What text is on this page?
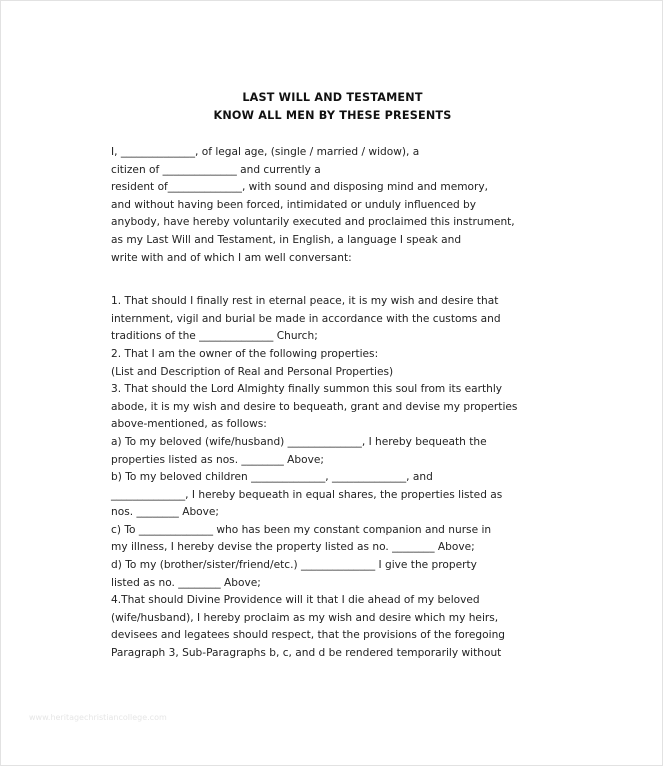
LAST WILL AND TESTAMENT
KNOW ALL MEN BY THESE PRESENTS
I, ______________, of legal age, (single / married / widow), a
citizen of ______________ and currently a
resident of______________, with sound and disposing mind and memory,
and without having been forced, intimidated or unduly influenced by
anybody, have hereby voluntarily executed and proclaimed this instrument,
as my Last Will and Testament, in English, a language I speak and
write with and of which I am well conversant:
1. That should I finally rest in eternal peace, it is my wish and desire that
internment, vigil and burial be made in accordance with the customs and
traditions of the ______________ Church;
2. That I am the owner of the following properties:
(List and Description of Real and Personal Properties)
3. That should the Lord Almighty finally summon this soul from its earthly
abode, it is my wish and desire to bequeath, grant and devise my properties
above-mentioned, as follows:
a) To my beloved (wife/husband) ______________, I hereby bequeath the
properties listed as nos. ________ Above;
b) To my beloved children ______________, ______________, and
______________, I hereby bequeath in equal shares, the properties listed as
nos. ________ Above;
c) To ______________ who has been my constant companion and nurse in
my illness, I hereby devise the property listed as no. ________ Above;
d) To my (brother/sister/friend/etc.) ______________ I give the property
listed as no. ________ Above;
4.That should Divine Providence will it that I die ahead of my beloved
(wife/husband), I hereby proclaim as my wish and desire which my heirs,
devisees and legatees should respect, that the provisions of the foregoing
Paragraph 3, Sub-Paragraphs b, c, and d be rendered temporarily without
www.heritagechristiancollege.com
